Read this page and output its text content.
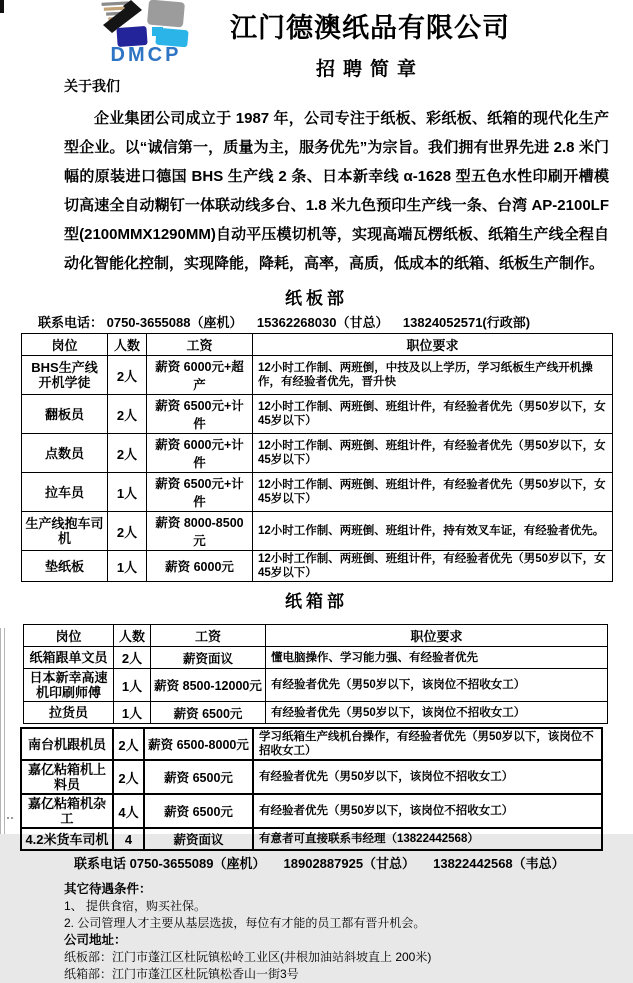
DMCP
江门德澳纸品有限公司
招聘简章
关于我们
企业集团公司成立于 1987 年，公司专注于纸板、彩纸板、纸箱的现代化生产型企业。以“诚信第一，质量为主，服务优先”为宗旨。我们拥有世界先进 2.8 米门幅的原装进口德国 BHS 生产线 2 条、日本新幸线 α-1628 型五色水性印刷开槽模切高速全自动糊钉一体联动线多台、1.8 米九色预印生产线一条、台湾 AP-2100LF 型(2100MMX1290MM)自动平压模切机等，实现高端瓦楞纸板、纸箱生产线全程自动化智能化控制，实现降能，降耗，高率，高质，低成本的纸箱、纸板生产制作。
纸板部
联系电话： 0750-3655088（座机）    15362268030（甘总）    13824052571(行政部)
岗位	人数	工资	职位要求
BHS生产线开机学徒	2人	薪资 6000元+超产	12小时工作制、两班倒，中技及以上学历，学习纸板生产线开机操作，有经验者优先，晋升快
翻板员	2人	薪资 6500元+计件	12小时工作制、两班倒、班组计件，有经验者优先（男50岁以下，女45岁以下）
点数员	2人	薪资 6000元+计件	12小时工作制、两班倒、班组计件，有经验者优先（男50岁以下，女45岁以下）
拉车员	1人	薪资 6500元+计件	12小时工作制、两班倒、班组计件，有经验者优先（男50岁以下，女45岁以下）
生产线抱车司机	2人	薪资 8000-8500元	12小时工作制、两班倒、班组计件，持有效叉车证，有经验者优先。
垫纸板	1人	薪资 6000元	12小时工作制、两班倒、班组计件，有经验者优先（男50岁以下，女45岁以下）
纸箱部
岗位	人数	工资	职位要求
纸箱跟单文员	2人	薪资面议	懂电脑操作、学习能力强、有经验者优先
日本新幸高速机印刷师傅	1人	薪资 8500-12000元	有经验者优先（男50岁以下，该岗位不招收女工）
拉货员	1人	薪资 6500元	有经验者优先（男50岁以下，该岗位不招收女工）
南台机跟机员	2人	薪资 6500-8000元	学习纸箱生产线机台操作，有经验者优先（男50岁以下，该岗位不招收女工）
嘉亿粘箱机上料员	2人	薪资 6500元	有经验者优先（男50岁以下，该岗位不招收女工）
嘉亿粘箱机杂工	4人	薪资 6500元	有经验者优先（男50岁以下，该岗位不招收女工）
4.2米货车司机	4	薪资面议	有意者可直接联系韦经理（13822442568）
联系电话 0750-3655089（座机）     18902887925（甘总）     13822442568（韦总）
其它待遇条件：
1、 提供食宿，购买社保。
2. 公司管理人才主要从基层选拔，每位有才能的员工都有晋升机会。
公司地址：
纸板部：江门市蓬江区杜阮镇松岭工业区(井根加油站斜坡直上 200米)
纸箱部：江门市蓬江区杜阮镇松香山一街3号
